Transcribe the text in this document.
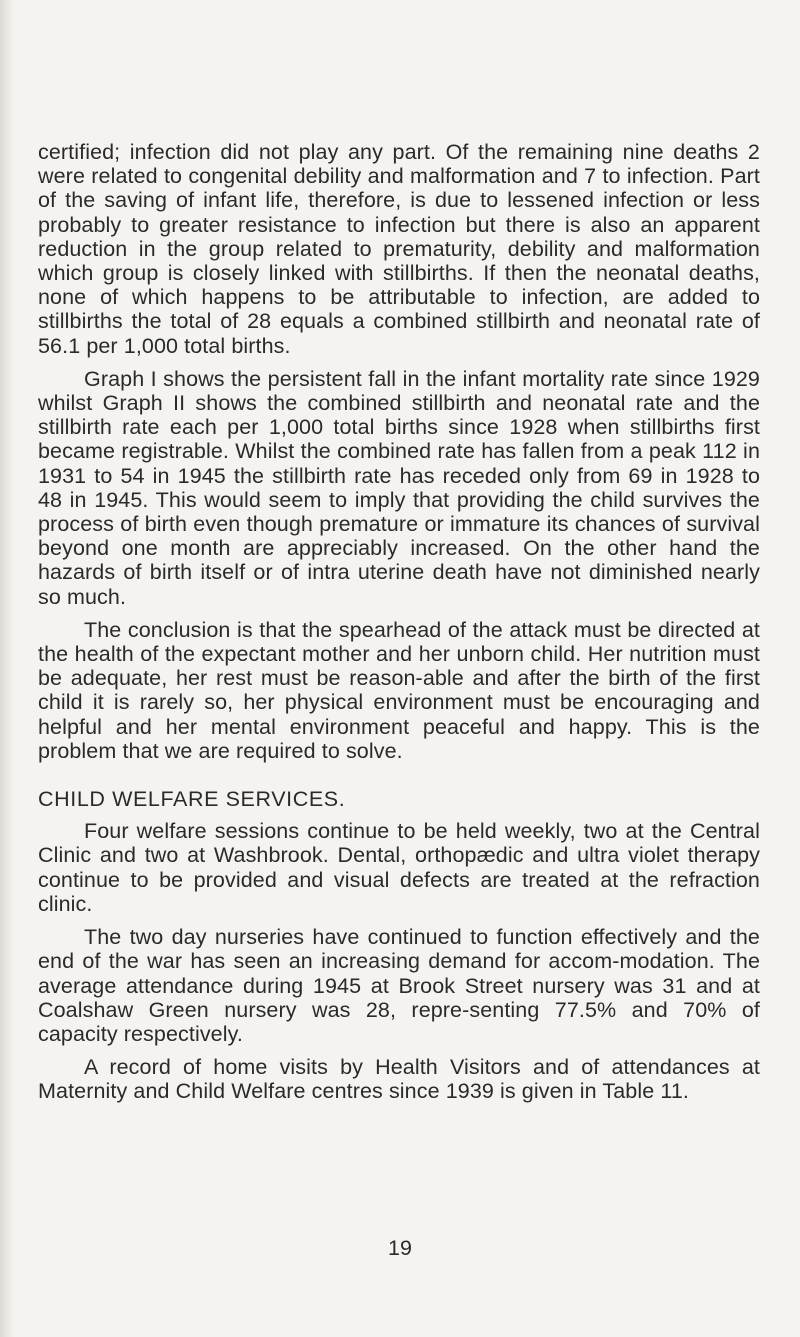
certified; infection did not play any part. Of the remaining nine deaths 2 were related to congenital debility and malformation and 7 to infection. Part of the saving of infant life, therefore, is due to lessened infection or less probably to greater resistance to infection but there is also an apparent reduction in the group related to prematurity, debility and malformation which group is closely linked with stillbirths. If then the neonatal deaths, none of which happens to be attributable to infection, are added to stillbirths the total of 28 equals a combined stillbirth and neonatal rate of 56.1 per 1,000 total births.

Graph I shows the persistent fall in the infant mortality rate since 1929 whilst Graph II shows the combined stillbirth and neonatal rate and the stillbirth rate each per 1,000 total births since 1928 when stillbirths first became registrable. Whilst the combined rate has fallen from a peak 112 in 1931 to 54 in 1945 the stillbirth rate has receded only from 69 in 1928 to 48 in 1945. This would seem to imply that providing the child survives the process of birth even though premature or immature its chances of survival beyond one month are appreciably increased. On the other hand the hazards of birth itself or of intra uterine death have not diminished nearly so much.

The conclusion is that the spearhead of the attack must be directed at the health of the expectant mother and her unborn child. Her nutrition must be adequate, her rest must be reason-able and after the birth of the first child it is rarely so, her physical environment must be encouraging and helpful and her mental environment peaceful and happy. This is the problem that we are required to solve.

CHILD WELFARE SERVICES.

Four welfare sessions continue to be held weekly, two at the Central Clinic and two at Washbrook. Dental, orthopædic and ultra violet therapy continue to be provided and visual defects are treated at the refraction clinic.

The two day nurseries have continued to function effectively and the end of the war has seen an increasing demand for accom-modation. The average attendance during 1945 at Brook Street nursery was 31 and at Coalshaw Green nursery was 28, repre-senting 77.5% and 70% of capacity respectively.

A record of home visits by Health Visitors and of attendances at Maternity and Child Welfare centres since 1939 is given in Table 11.

19
